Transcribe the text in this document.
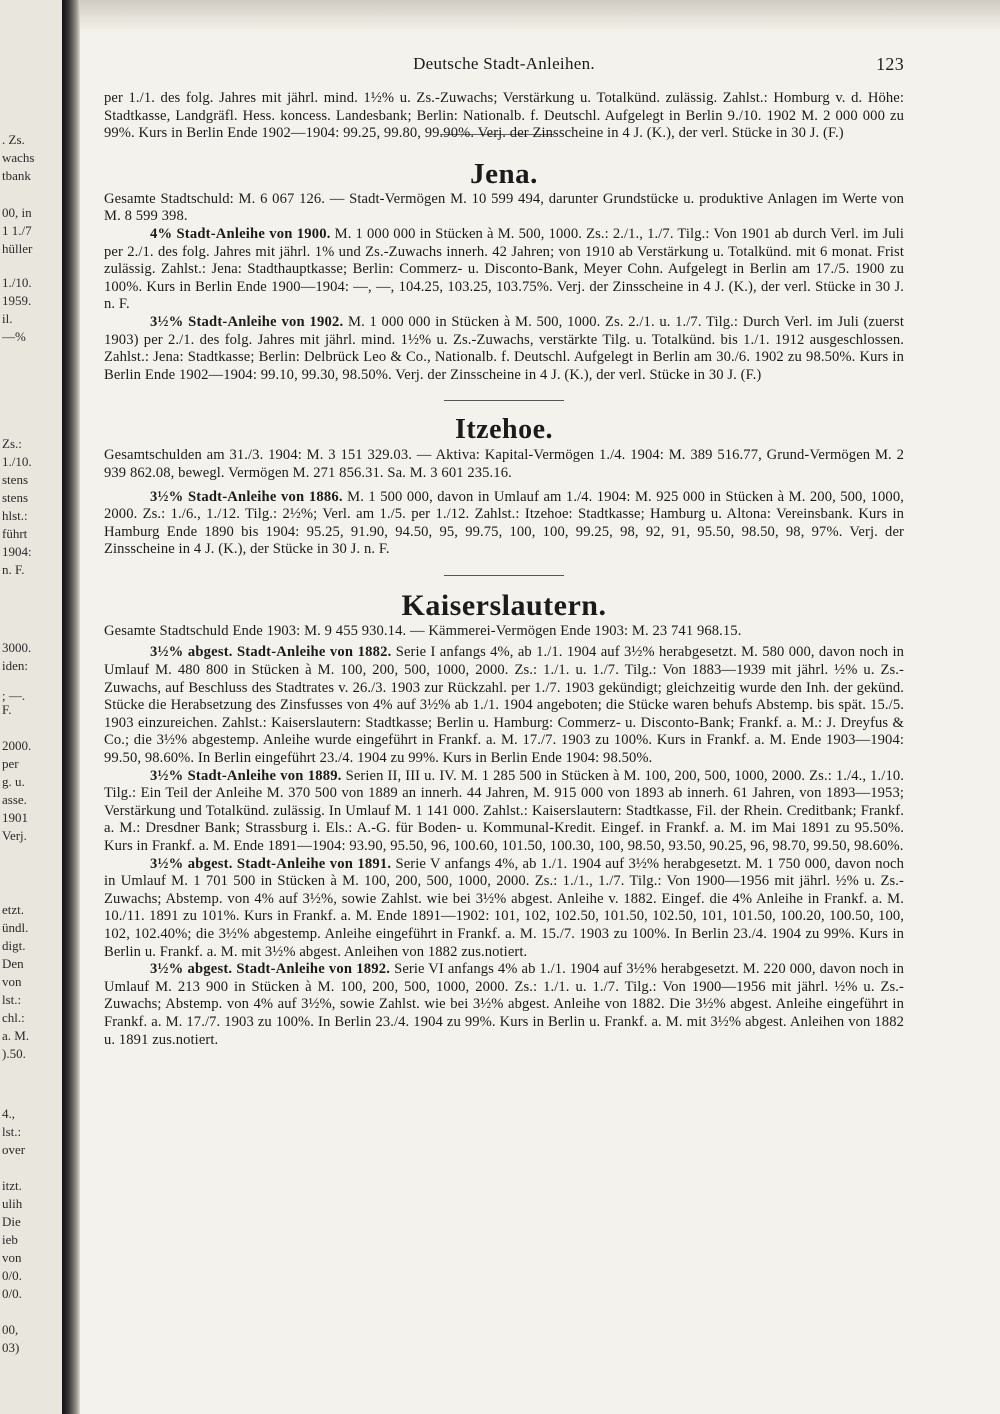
. Zs.
wachs
tbank
00, in
1 1./7
hüller
1./10.
1959.
il.
—%
Zs.:
1./10.
stens
stens
hlst.:
führt
1904:
n. F.
3000.
iden:
; —.
F.
2000.
per
g. u.
asse.
1901
Verj.
etzt.
ündl.
digt.
Den
von
lst.:
chl.:
a. M.
).50.
4.,
lst.:
over
itzt.
ulih
Die
ieb
von
0/0.
0/0.
00,
03)
Deutsche Stadt-Anleihen.	123

per 1./1. des folg. Jahres mit jährl. mind. 1½% u. Zs.-Zuwachs; Verstärkung u. Totalkünd. zulässig. Zahlst.: Homburg v. d. Höhe: Stadtkasse, Landgräfl. Hess. koncess. Landesbank; Berlin: Nationalb. f. Deutschl. Aufgelegt in Berlin 9./10. 1902 M. 2 000 000 zu 99%. Kurs in Berlin Ende 1902—1904: 99.25, 99.80, 99.90%. Verj. der Zinsscheine in 4 J. (K.), der verl. Stücke in 30 J. (F.)

Jena.

Gesamte Stadtschuld: M. 6 067 126. — Stadt-Vermögen M. 10 599 494, darunter Grundstücke u. produktive Anlagen im Werte von M. 8 599 398.

4% Stadt-Anleihe von 1900. M. 1 000 000 in Stücken à M. 500, 1000. Zs.: 2./1., 1./7. Tilg.: Von 1901 ab durch Verl. im Juli per 2./1. des folg. Jahres mit jährl. 1% und Zs.-Zuwachs innerh. 42 Jahren; von 1910 ab Verstärkung u. Totalkünd. mit 6 monat. Frist zulässig. Zahlst.: Jena: Stadthauptkasse; Berlin: Commerz- u. Disconto-Bank, Meyer Cohn. Aufgelegt in Berlin am 17./5. 1900 zu 100%. Kurs in Berlin Ende 1900—1904: —, —, 104.25, 103.25, 103.75%. Verj. der Zinsscheine in 4 J. (K.), der verl. Stücke in 30 J. n. F.

3½% Stadt-Anleihe von 1902. M. 1 000 000 in Stücken à M. 500, 1000. Zs. 2./1. u. 1./7. Tilg.: Durch Verl. im Juli (zuerst 1903) per 2./1. des folg. Jahres mit jährl. mind. 1½% u. Zs.-Zuwachs, verstärkte Tilg. u. Totalkünd. bis 1./1. 1912 ausgeschlossen. Zahlst.: Jena: Stadtkasse; Berlin: Delbrück Leo & Co., Nationalb. f. Deutschl. Aufgelegt in Berlin am 30./6. 1902 zu 98.50%. Kurs in Berlin Ende 1902—1904: 99.10, 99.30, 98.50%. Verj. der Zinsscheine in 4 J. (K.), der verl. Stücke in 30 J. (F.)

Itzehoe.

Gesamtschulden am 31./3. 1904: M. 3 151 329.03. — Aktiva: Kapital-Vermögen 1./4. 1904: M. 389 516.77, Grund-Vermögen M. 2 939 862.08, bewegl. Vermögen M. 271 856.31. Sa. M. 3 601 235.16.

3½% Stadt-Anleihe von 1886. M. 1 500 000, davon in Umlauf am 1./4. 1904: M. 925 000 in Stücken à M. 200, 500, 1000, 2000. Zs.: 1./6., 1./12. Tilg.: 2½%; Verl. am 1./5. per 1./12. Zahlst.: Itzehoe: Stadtkasse; Hamburg u. Altona: Vereinsbank. Kurs in Hamburg Ende 1890 bis 1904: 95.25, 91.90, 94.50, 95, 99.75, 100, 100, 99.25, 98, 92, 91, 95.50, 98.50, 98, 97%. Verj. der Zinsscheine in 4 J. (K.), der Stücke in 30 J. n. F.

Kaiserslautern.

Gesamte Stadtschuld Ende 1903: M. 9 455 930.14. — Kämmerei-Vermögen Ende 1903: M. 23 741 968.15.

3½% abgest. Stadt-Anleihe von 1882. Serie I anfangs 4%, ab 1./1. 1904 auf 3½% herabgesetzt. M. 580 000, davon noch in Umlauf M. 480 800 in Stücken à M. 100, 200, 500, 1000, 2000. Zs.: 1./1. u. 1./7. Tilg.: Von 1883—1939 mit jährl. ½% u. Zs.-Zuwachs, auf Beschluss des Stadtrates v. 26./3. 1903 zur Rückzahl. per 1./7. 1903 gekündigt; gleichzeitig wurde den Inh. der gekünd. Stücke die Herabsetzung des Zinsfusses von 4% auf 3½% ab 1./1. 1904 angeboten; die Stücke waren behufs Abstemp. bis spät. 15./5. 1903 einzureichen. Zahlst.: Kaiserslautern: Stadtkasse; Berlin u. Hamburg: Commerz- u. Disconto-Bank; Frankf. a. M.: J. Dreyfus & Co.; die 3½% abgestemp. Anleihe wurde eingeführt in Frankf. a. M. 17./7. 1903 zu 100%. Kurs in Frankf. a. M. Ende 1903—1904: 99.50, 98.60%. In Berlin eingeführt 23./4. 1904 zu 99%. Kurs in Berlin Ende 1904: 98.50%.

3½% Stadt-Anleihe von 1889. Serien II, III u. IV. M. 1 285 500 in Stücken à M. 100, 200, 500, 1000, 2000. Zs.: 1./4., 1./10. Tilg.: Ein Teil der Anleihe M. 370 500 von 1889 an innerh. 44 Jahren, M. 915 000 von 1893 ab innerh. 61 Jahren, von 1893—1953; Verstärkung und Totalkünd. zulässig. In Umlauf M. 1 141 000. Zahlst.: Kaiserslautern: Stadtkasse, Fil. der Rhein. Creditbank; Frankf. a. M.: Dresdner Bank; Strassburg i. Els.: A.-G. für Boden- u. Kommunal-Kredit. Eingef. in Frankf. a. M. im Mai 1891 zu 95.50%. Kurs in Frankf. a. M. Ende 1891—1904: 93.90, 95.50, 96, 100.60, 101.50, 100.30, 100, 98.50, 93.50, 90.25, 96, 98.70, 99.50, 98.60%.

3½% abgest. Stadt-Anleihe von 1891. Serie V anfangs 4%, ab 1./1. 1904 auf 3½% herabgesetzt. M. 1 750 000, davon noch in Umlauf M. 1 701 500 in Stücken à M. 100, 200, 500, 1000, 2000. Zs.: 1./1., 1./7. Tilg.: Von 1900—1956 mit jährl. ½% u. Zs.-Zuwachs; Abstemp. von 4% auf 3½%, sowie Zahlst. wie bei 3½% abgest. Anleihe v. 1882. Eingef. die 4% Anleihe in Frankf. a. M. 10./11. 1891 zu 101%. Kurs in Frankf. a. M. Ende 1891—1902: 101, 102, 102.50, 101.50, 102.50, 101, 101.50, 100.20, 100.50, 100, 102, 102.40%; die 3½% abgestemp. Anleihe eingeführt in Frankf. a. M. 15./7. 1903 zu 100%. In Berlin 23./4. 1904 zu 99%. Kurs in Berlin u. Frankf. a. M. mit 3½% abgest. Anleihen von 1882 zus.notiert.

3½% abgest. Stadt-Anleihe von 1892. Serie VI anfangs 4% ab 1./1. 1904 auf 3½% herabgesetzt. M. 220 000, davon noch in Umlauf M. 213 900 in Stücken à M. 100, 200, 500, 1000, 2000. Zs.: 1./1. u. 1./7. Tilg.: Von 1900—1956 mit jährl. ½% u. Zs.-Zuwachs; Abstemp. von 4% auf 3½%, sowie Zahlst. wie bei 3½% abgest. Anleihe von 1882. Die 3½% abgest. Anleihe eingeführt in Frankf. a. M. 17./7. 1903 zu 100%. In Berlin 23./4. 1904 zu 99%. Kurs in Berlin u. Frankf. a. M. mit 3½% abgest. Anleihen von 1882 u. 1891 zus.notiert.
